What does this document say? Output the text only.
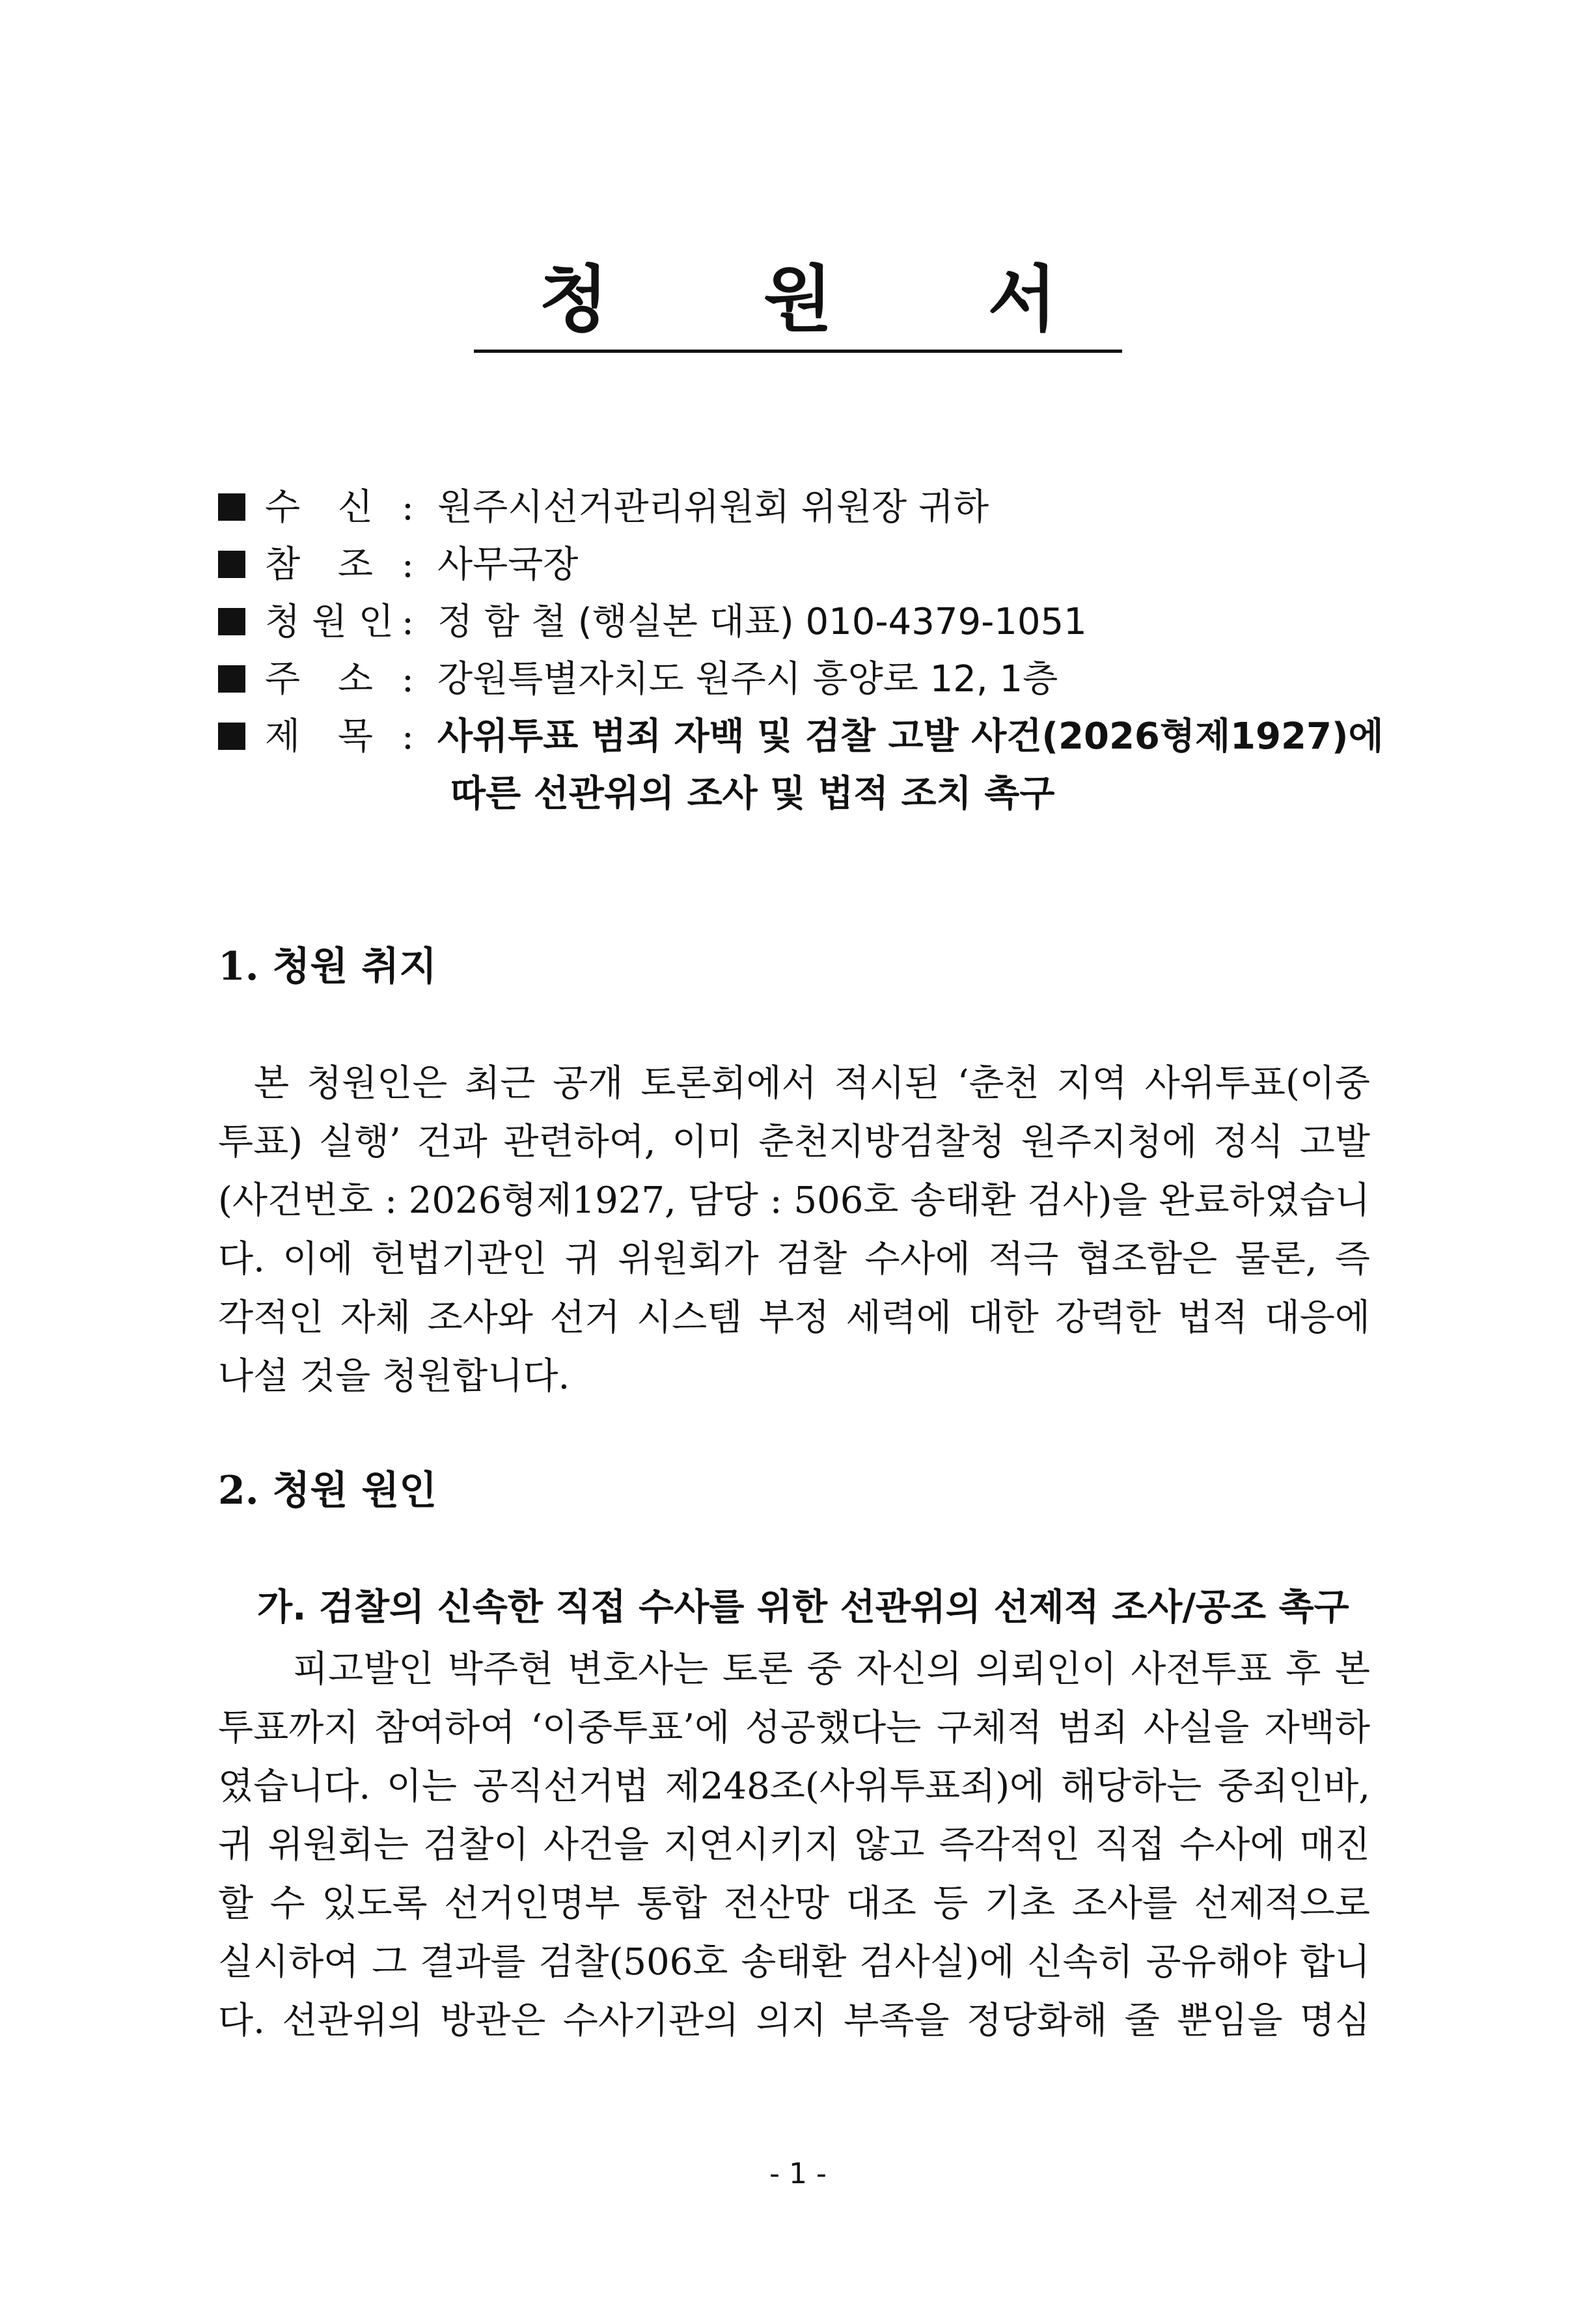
청 원 서
수 신 : 원주시선거관리위원회 위원장 귀하
참 조 : 사무국장
청 원 인 : 정 함 철 (행실본 대표) 010-4379-1051
주 소 : 강원특별자치도 원주시 흥양로 12, 1층
제 목 : 사위투표 범죄 자백 및 검찰 고발 사건(2026형제1927)에
따른 선관위의 조사 및 법적 조치 촉구
1. 청원 취지
본 청원인은 최근 공개 토론회에서 적시된 ‘춘천 지역 사위투표(이중
투표) 실행’ 건과 관련하여, 이미 춘천지방검찰청 원주지청에 정식 고발
(사건번호 : 2026형제1927, 담당 : 506호 송태환 검사)을 완료하였습니
다. 이에 헌법기관인 귀 위원회가 검찰 수사에 적극 협조함은 물론, 즉
각적인 자체 조사와 선거 시스템 부정 세력에 대한 강력한 법적 대응에
나설 것을 청원합니다.
2. 청원 원인
가. 검찰의 신속한 직접 수사를 위한 선관위의 선제적 조사/공조 촉구
피고발인 박주현 변호사는 토론 중 자신의 의뢰인이 사전투표 후 본
투표까지 참여하여 ‘이중투표’에 성공했다는 구체적 범죄 사실을 자백하
였습니다. 이는 공직선거법 제248조(사위투표죄)에 해당하는 중죄인바,
귀 위원회는 검찰이 사건을 지연시키지 않고 즉각적인 직접 수사에 매진
할 수 있도록 선거인명부 통합 전산망 대조 등 기초 조사를 선제적으로
실시하여 그 결과를 검찰(506호 송태환 검사실)에 신속히 공유해야 합니
다. 선관위의 방관은 수사기관의 의지 부족을 정당화해 줄 뿐임을 명심
- 1 -
